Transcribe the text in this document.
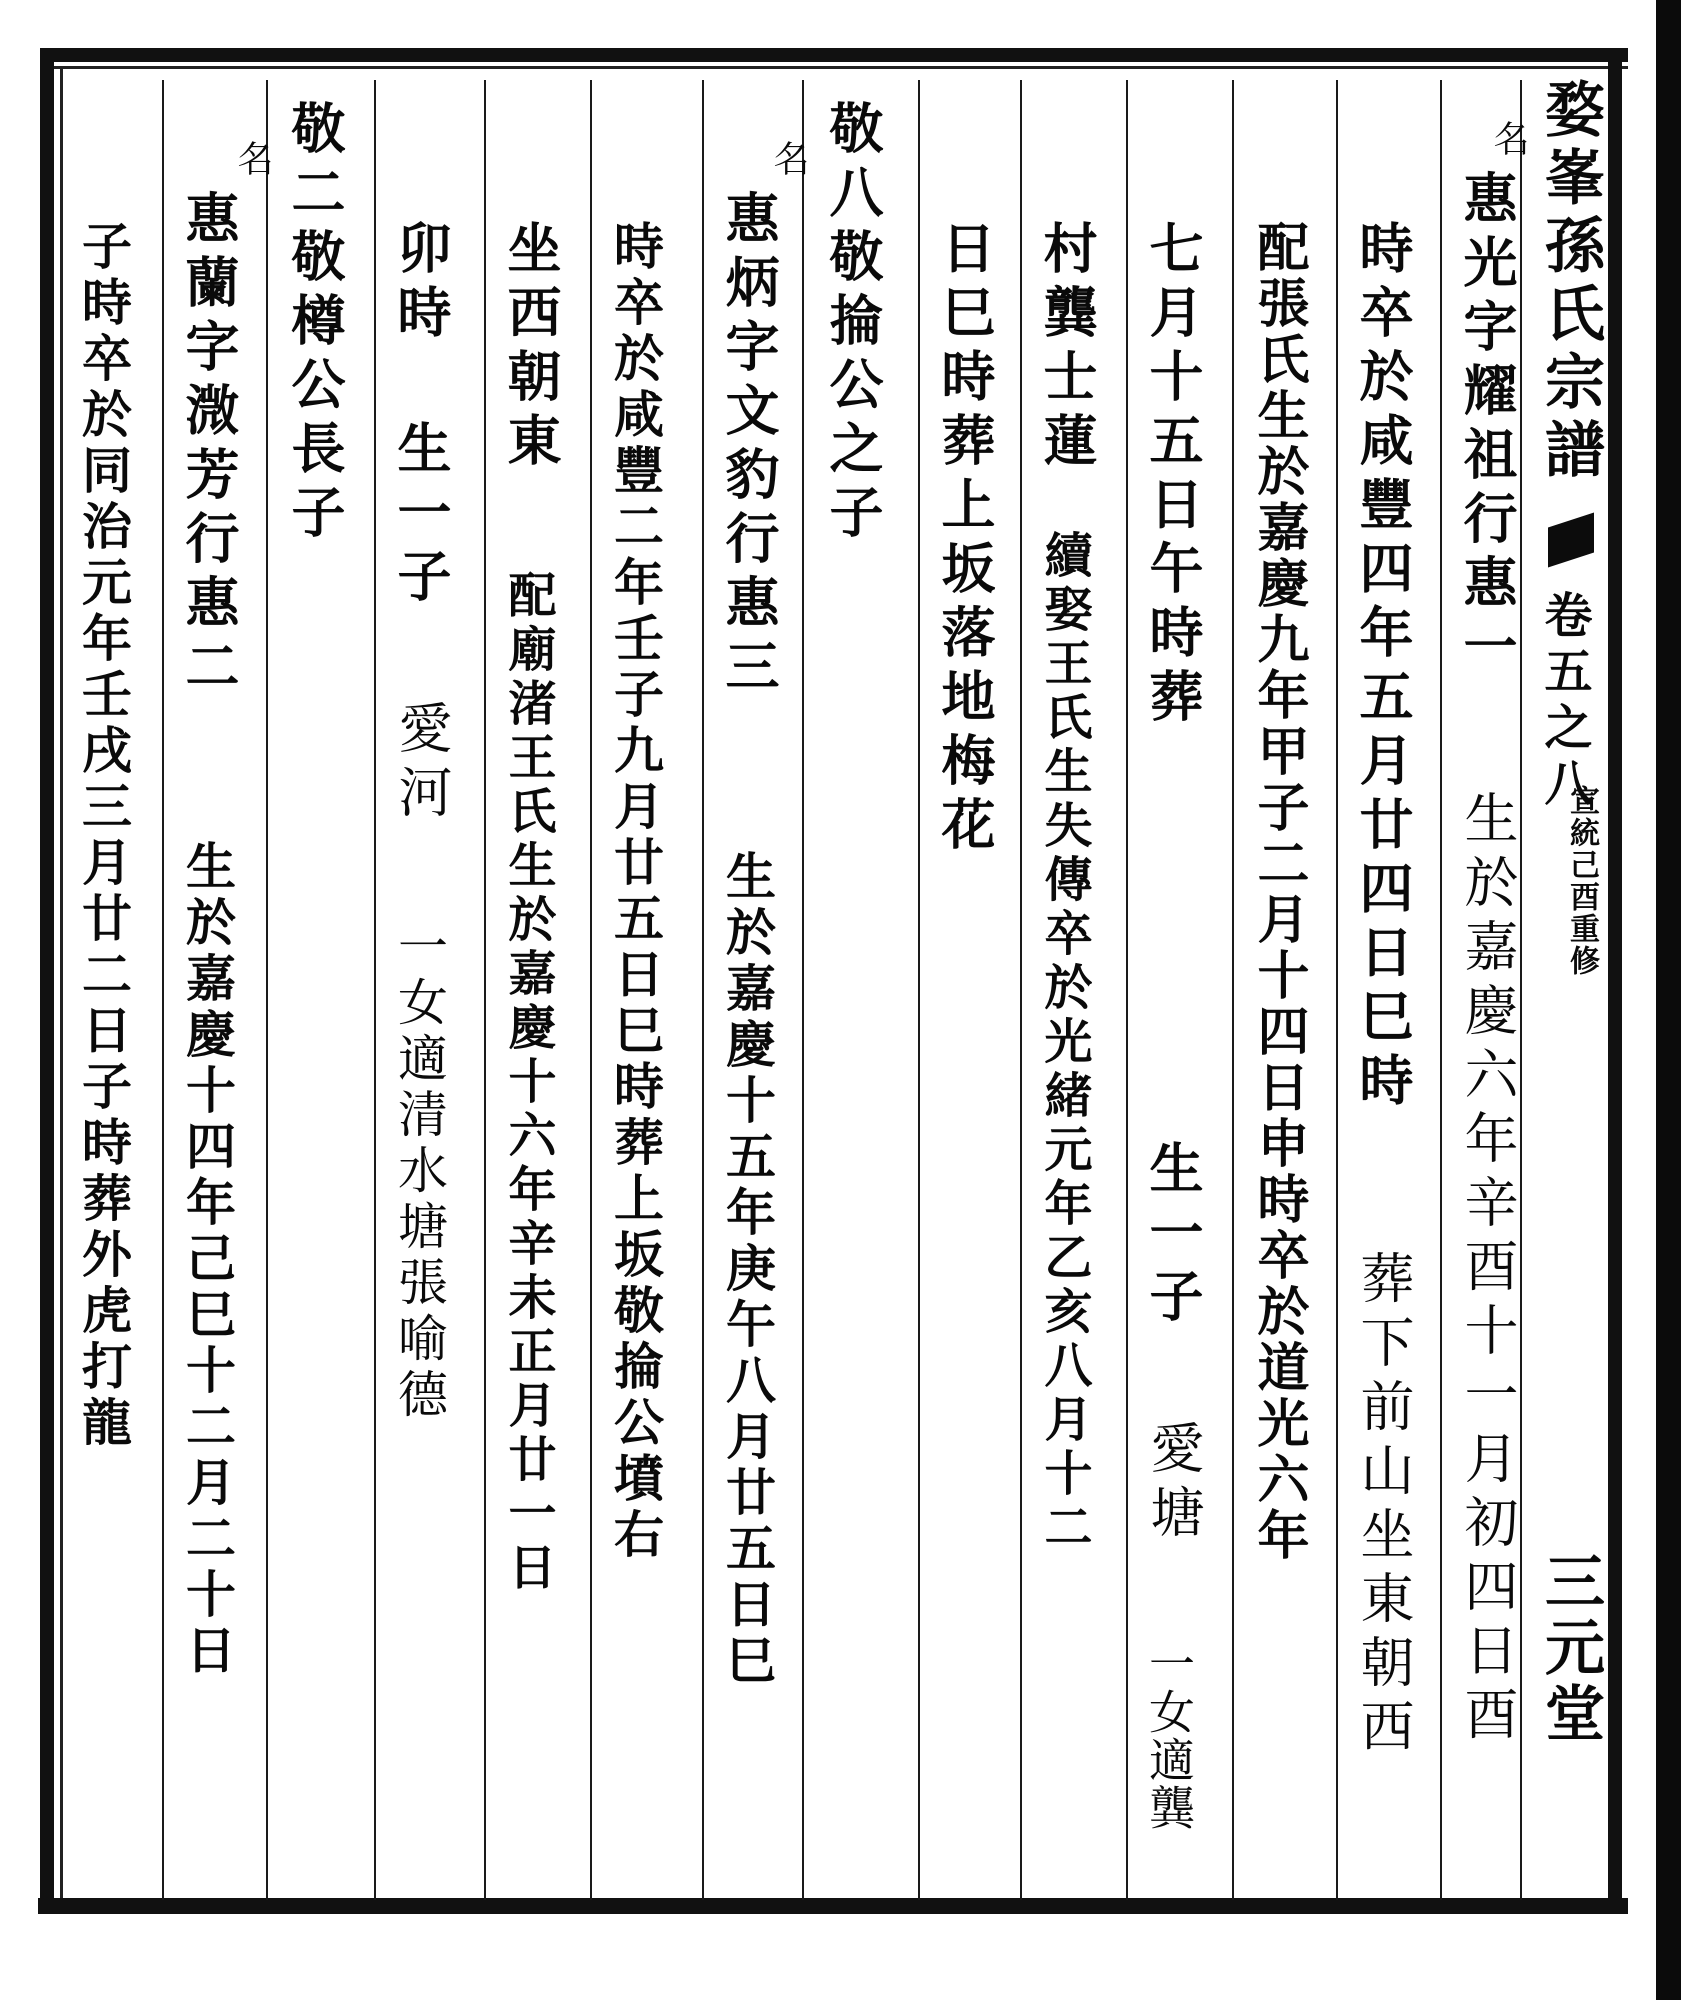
婺峯孫氏宗譜
卷五之八
宣統己酉重修
三元堂
名
惠光字耀祖行惠一
生於嘉慶六年辛酉十一月初四日酉
時卒於咸豐四年五月廿四日巳時
葬下前山坐東朝西
配張氏生於嘉慶九年甲子二月十四日申時卒於道光六年
七月十五日午時葬
生一子
愛塘
一女適龔
村龔士蓮
續娶王氏生失傳卒於光緒元年乙亥八月十二
日巳時葬上坂落地梅花
敬八敬掄公之子
名
惠炳字文豹行惠三
生於嘉慶十五年庚午八月廿五日巳
時卒於咸豐二年壬子九月廿五日巳時葬上坂敬掄公墳右
坐西朝東
配廟渚王氏生於嘉慶十六年辛未正月廿一日
卯時
生一子
愛河
一女適清水塘張喻德
敬二敬樽公長子
名
惠蘭字溦芳行惠二
生於嘉慶十四年己巳十二月二十日
子時卒於同治元年壬戌三月廿二日子時葬外虎打龍
